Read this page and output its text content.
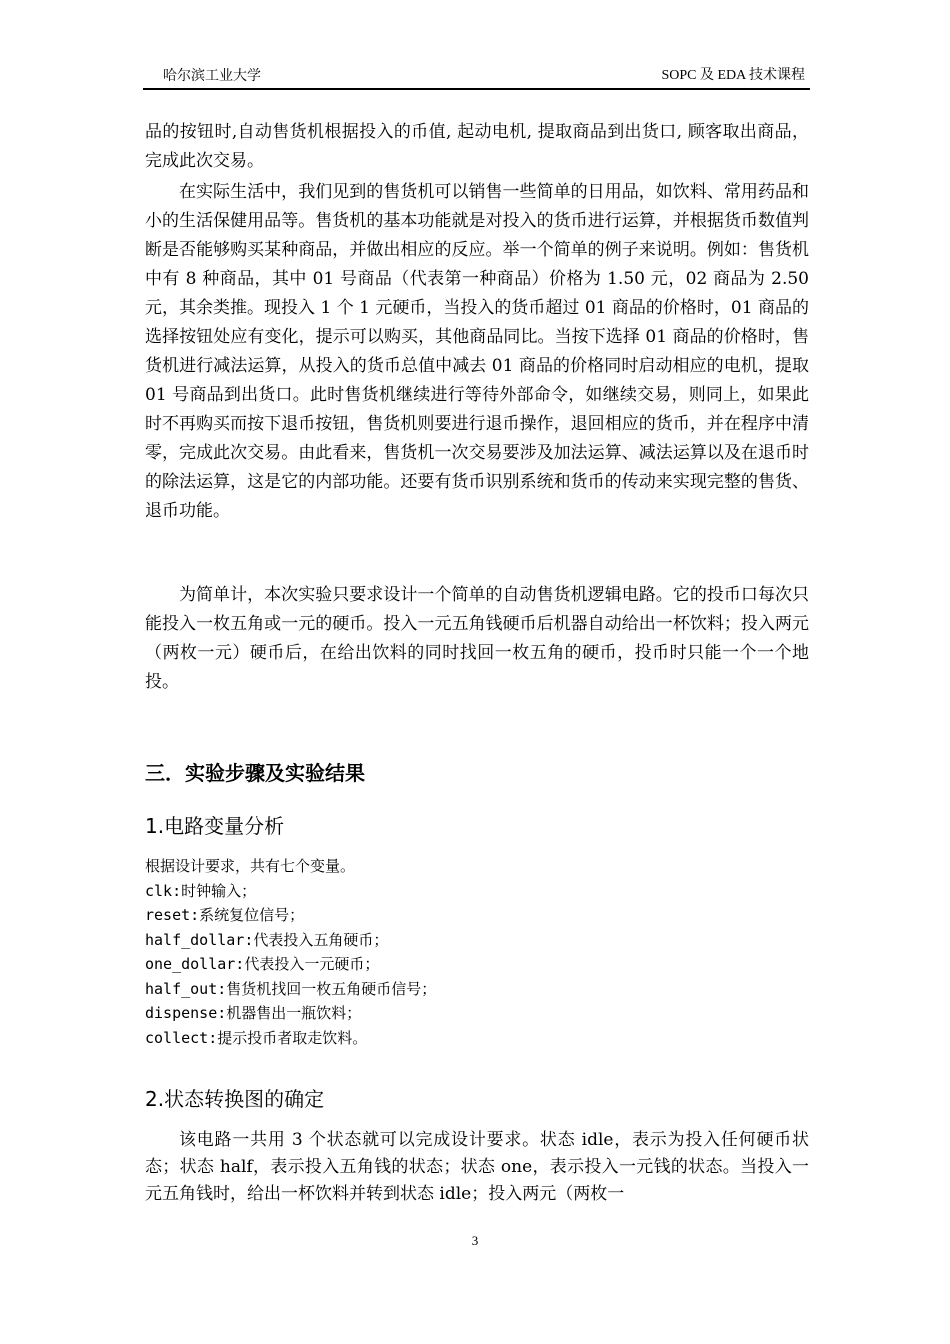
哈尔滨工业大学	SOPC 及 EDA 技术课程
品的按钮时,自动售货机根据投入的币值, 起动电机, 提取商品到出货口, 顾客取出商品，完成此次交易。
在实际生活中，我们见到的售货机可以销售一些简单的日用品，如饮料、常用药品和小的生活保健用品等。售货机的基本功能就是对投入的货币进行运算，并根据货币数值判断是否能够购买某种商品，并做出相应的反应。举一个简单的例子来说明。例如：售货机中有 8 种商品，其中 01 号商品（代表第一种商品）价格为 1.50 元，02 商品为 2.50 元，其余类推。现投入 1 个 1 元硬币，当投入的货币超过 01 商品的价格时，01 商品的选择按钮处应有变化，提示可以购买，其他商品同比。当按下选择 01 商品的价格时，售货机进行减法运算，从投入的货币总值中减去 01 商品的价格同时启动相应的电机，提取 01 号商品到出货口。此时售货机继续进行等待外部命令，如继续交易，则同上，如果此时不再购买而按下退币按钮，售货机则要进行退币操作，退回相应的货币，并在程序中清零，完成此次交易。由此看来，售货机一次交易要涉及加法运算、减法运算以及在退币时的除法运算，这是它的内部功能。还要有货币识别系统和货币的传动来实现完整的售货、退币功能。
为简单计，本次实验只要求设计一个简单的自动售货机逻辑电路。它的投币口每次只能投入一枚五角或一元的硬币。投入一元五角钱硬币后机器自动给出一杯饮料；投入两元（两枚一元）硬币后，在给出饮料的同时找回一枚五角的硬币，投币时只能一个一个地投。
三．实验步骤及实验结果
1.电路变量分析
根据设计要求，共有七个变量。
clk:时钟输入；
reset:系统复位信号；
half_dollar:代表投入五角硬币；
one_dollar:代表投入一元硬币；
half_out:售货机找回一枚五角硬币信号；
dispense:机器售出一瓶饮料；
collect:提示投币者取走饮料。
2.状态转换图的确定
该电路一共用 3 个状态就可以完成设计要求。状态 idle，表示为投入任何硬币状态；状态 half，表示投入五角钱的状态；状态 one，表示投入一元钱的状态。当投入一元五角钱时，给出一杯饮料并转到状态 idle；投入两元（两枚一
3
